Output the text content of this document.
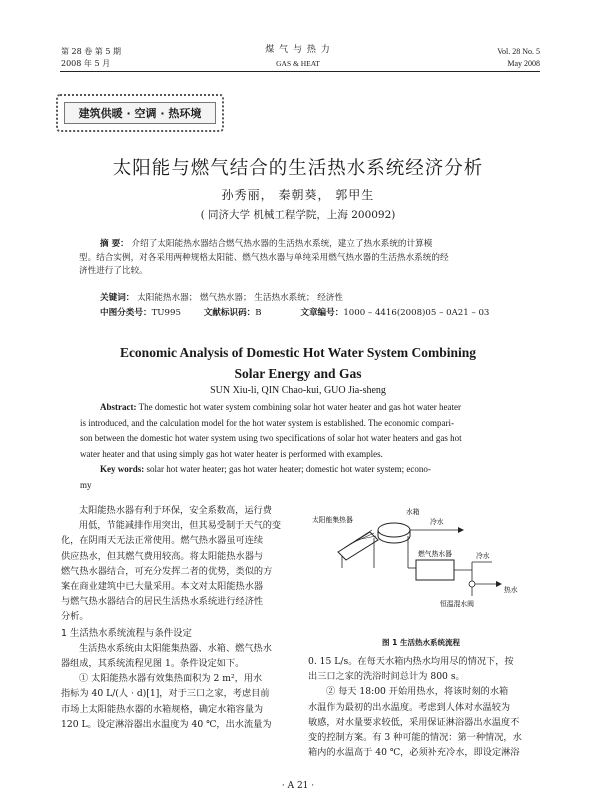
第 28 卷 第 5 期
2008 年 5 月
煤 气 与 热 力
GAS & HEAT
Vol. 28 No. 5
May 2008
建筑供暖 · 空调 · 热环境
太阳能与燃气结合的生活热水系统经济分析
孙秀丽， 秦朝葵， 郭甲生
( 同济大学 机械工程学院，上海 200092)
摘 要： 介绍了太阳能热水器结合燃气热水器的生活热水系统，建立了热水系统的计算模
型。结合实例，对各采用两种规格太阳能、燃气热水器与单纯采用燃气热水器的生活热水系统的经
济性进行了比较。
关键词： 太阳能热水器； 燃气热水器； 生活热水系统； 经济性
中图分类号：TU995	文献标识码：B	文章编号：1000 – 4416(2008)05 – 0A21 – 03
Economic Analysis of Domestic Hot Water System Combining
Solar Energy and Gas
SUN Xiu-li, QIN Chao-kui, GUO Jia-sheng
Abstract: The domestic hot water system combining solar hot water heater and gas hot water heater
is introduced, and the calculation model for the hot water system is established. The economic compari-
son between the domestic hot water system using two specifications of solar hot water heaters and gas hot
water heater and that using simply gas hot water heater is performed with examples.
Key words: solar hot water heater; gas hot water heater; domestic hot water system; econo-
my
太阳能热水器有利于环保，安全系数高，运行费
用低，节能减排作用突出，但其易受制于天气的变
化，在阴雨天无法正常使用。燃气热水器虽可连续
供应热水，但其燃气费用较高。将太阳能热水器与
燃气热水器结合，可充分发挥二者的优势，类似的方
案在商业建筑中已大量采用。本文对太阳能热水器
与燃气热水器结合的居民生活热水系统进行经济性
分析。
1 生活热水系统流程与条件设定
生活热水系统由太阳能集热器、水箱、燃气热水
器组成，其系统流程见图 1。条件设定如下。
① 太阳能热水器有效集热面积为 2 m²，用水
指标为 40 L/(人 · d)[1]，对于三口之家，考虑目前
市场上太阳能热水器的水箱规格，确定水箱容量为
120 L。设定淋浴器出水温度为 40 ℃，出水流量为
太阳能集热器
水箱
冷水
燃气热水器	冷水
热水
恒温混水阀
图 1 生活热水系统流程
0. 15 L/s。在每天水箱内热水均用尽的情况下，按
出三口之家的洗浴时间总计为 800 s。
② 每天 18:00 开始用热水，将该时刻的水箱
水温作为最初的出水温度。考虑到人体对水温较为
敏感，对水量要求较低，采用保证淋浴器出水温度不
变的控制方案。有 3 种可能的情况：第一种情况，水
箱内的水温高于 40 ℃，必须补充冷水，即设定淋浴
· A 21 ·
